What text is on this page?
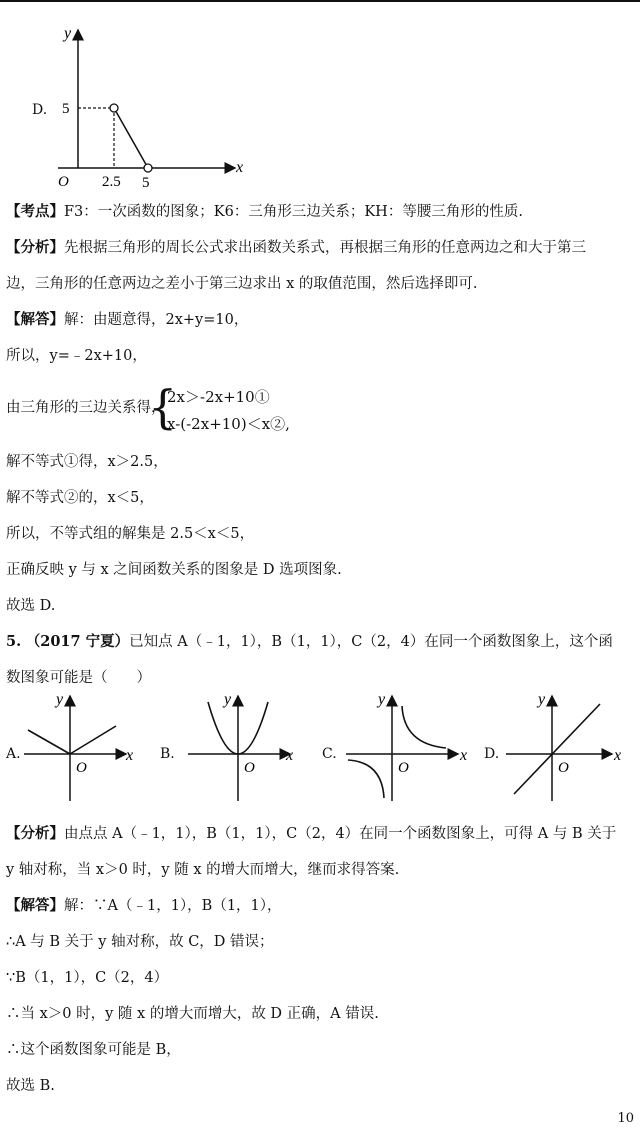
D.
y
x
O
5
2.5 5
【考点】F3：一次函数的图象；K6：三角形三边关系；KH：等腰三角形的性质.
【分析】先根据三角形的周长公式求出函数关系式，再根据三角形的任意两边之和大于第三
边，三角形的任意两边之差小于第三边求出 x 的取值范围，然后选择即可.
【解答】解：由题意得，2x+y=10，
所以，y=﹣2x+10，
由三角形的三边关系得，
{
2x＞-2x+10①
x-(-2x+10)＜x②,
解不等式①得，x＞2.5，
解不等式②的，x＜5，
所以，不等式组的解集是 2.5＜x＜5，
正确反映 y 与 x 之间函数关系的图象是 D 选项图象.
故选 D.
5. （2017 宁夏）已知点 A（﹣1，1），B（1，1），C（2，4）在同一个函数图象上，这个函
数图象可能是（　　）
A.
y
x
O
B.
y
x
O
C.
y
x
O
D.
y
x
O
【分析】由点点 A（﹣1，1），B（1，1），C（2，4）在同一个函数图象上，可得 A 与 B 关于
y 轴对称，当 x＞0 时，y 随 x 的增大而增大，继而求得答案.
【解答】解：∵A（﹣1，1），B（1，1），
∴A 与 B 关于 y 轴对称，故 C，D 错误；
∵B（1，1），C（2，4）
∴当 x＞0 时，y 随 x 的增大而增大，故 D 正确，A 错误.
∴这个函数图象可能是 B，
故选 B.
10
